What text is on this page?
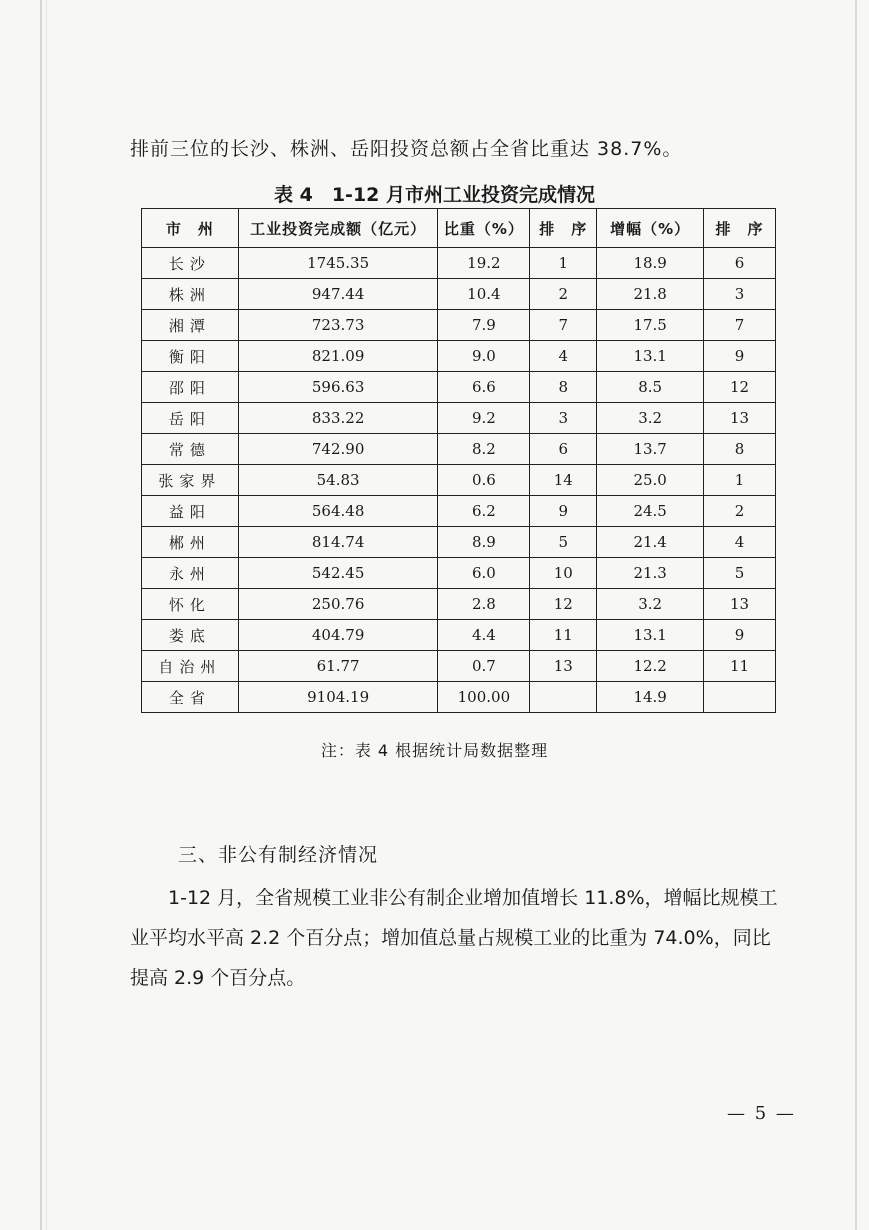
排前三位的长沙、株洲、岳阳投资总额占全省比重达 38.7%。
表 4　1-12 月市州工业投资完成情况
市　州	工业投资完成额（亿元）	比重（%）	排　序	增幅（%）	排　序
长沙	1745.35	19.2	1	18.9	6
株洲	947.44	10.4	2	21.8	3
湘潭	723.73	7.9	7	17.5	7
衡阳	821.09	9.0	4	13.1	9
邵阳	596.63	6.6	8	8.5	12
岳阳	833.22	9.2	3	3.2	13
常德	742.90	8.2	6	13.7	8
张家界	54.83	0.6	14	25.0	1
益阳	564.48	6.2	9	24.5	2
郴州	814.74	8.9	5	21.4	4
永州	542.45	6.0	10	21.3	5
怀化	250.76	2.8	12	3.2	13
娄底	404.79	4.4	11	13.1	9
自治州	61.77	0.7	13	12.2	11
全省	9104.19	100.00		14.9	
注：表 4 根据统计局数据整理
三、非公有制经济情况
　　1-12 月，全省规模工业非公有制企业增加值增长 11.8%，增幅比规模工
业平均水平高 2.2 个百分点；增加值总量占规模工业的比重为 74.0%，同比
提高 2.9 个百分点。
— 5 —
